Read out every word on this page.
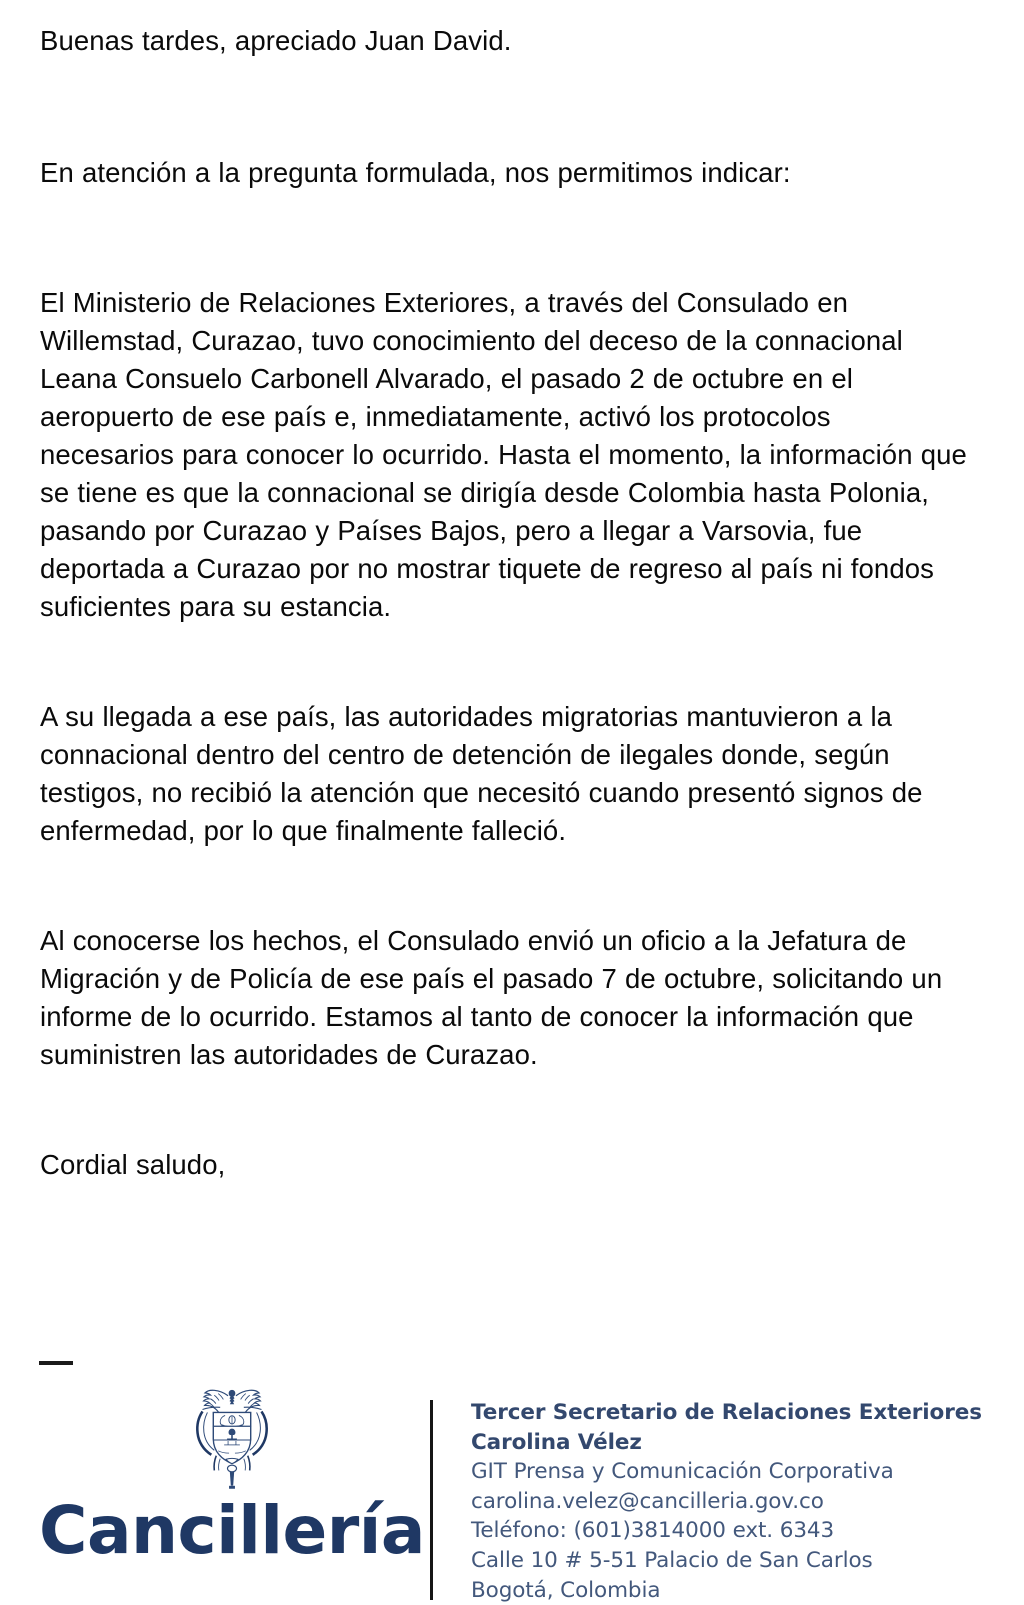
Buenas tardes, apreciado Juan David.

En atención a la pregunta formulada, nos permitimos indicar:

El Ministerio de Relaciones Exteriores, a través del Consulado en Willemstad, Curazao, tuvo conocimiento del deceso de la connacional Leana Consuelo Carbonell Alvarado, el pasado 2 de octubre en el aeropuerto de ese país e, inmediatamente, activó los protocolos necesarios para conocer lo ocurrido. Hasta el momento, la información que se tiene es que la connacional se dirigía desde Colombia hasta Polonia, pasando por Curazao y Países Bajos, pero a llegar a Varsovia, fue deportada a Curazao por no mostrar tiquete de regreso al país ni fondos suficientes para su estancia.

A su llegada a ese país, las autoridades migratorias mantuvieron a la connacional dentro del centro de detención de ilegales donde, según testigos, no recibió la atención que necesitó cuando presentó signos de enfermedad, por lo que finalmente falleció.

Al conocerse los hechos, el Consulado envió un oficio a la Jefatura de Migración y de Policía de ese país el pasado 7 de octubre, solicitando un informe de lo ocurrido. Estamos al tanto de conocer la información que suministren las autoridades de Curazao.

Cordial saludo,

Cancillería
Tercer Secretario de Relaciones Exteriores
Carolina Vélez
GIT Prensa y Comunicación Corporativa
carolina.velez@cancilleria.gov.co
Teléfono: (601)3814000 ext. 6343
Calle 10 # 5-51 Palacio de San Carlos
Bogotá, Colombia
